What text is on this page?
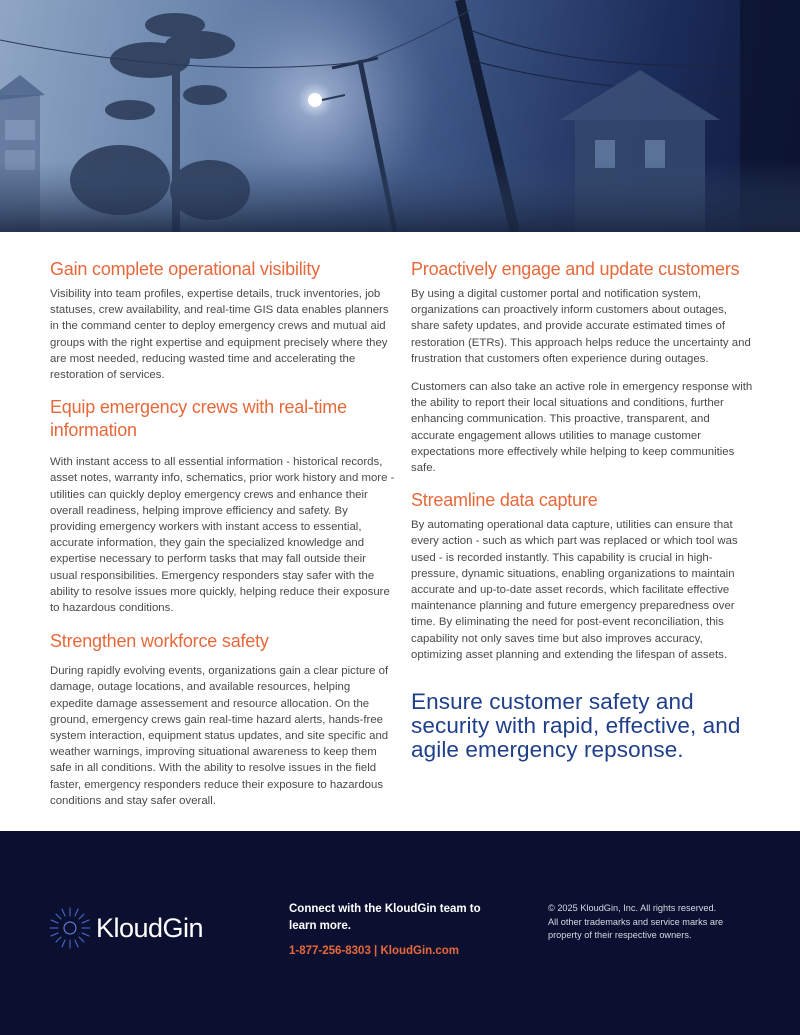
Gain complete operational visibility

Visibility into team profiles, expertise details, truck inventories, job statuses, crew availability, and real-time GIS data enables planners in the command center to deploy emergency crews and mutual aid groups with the right expertise and equipment precisely where they are most needed, reducing wasted time and accelerating the restoration of services.

Equip emergency crews with real-time information

With instant access to all essential information - historical records, asset notes, warranty info, schematics, prior work history and more - utilities can quickly deploy emergency crews and enhance their overall readiness, helping improve efficiency and safety. By providing emergency workers with instant access to essential, accurate information, they gain the specialized knowledge and expertise necessary to perform tasks that may fall outside their usual responsibilities. Emergency responders stay safer with the ability to resolve issues more quickly, helping reduce their exposure to hazardous conditions.

Strengthen workforce safety

During rapidly evolving events, organizations gain a clear picture of damage, outage locations, and available resources, helping expedite damage assessement and resource allocation. On the ground, emergency crews gain real-time hazard alerts, hands-free system interaction, equipment status updates, and site specific and weather warnings, improving situational awareness to keep them safe in all conditions. With the ability to resolve issues in the field faster, emergency responders reduce their exposure to hazardous conditions and stay safer overall.

Proactively engage and update customers

By using a digital customer portal and notification system, organizations can proactively inform customers about outages, share safety updates, and provide accurate estimated times of restoration (ETRs). This approach helps reduce the uncertainty and frustration that customers often experience during outages.

Customers can also take an active role in emergency response with the ability to report their local situations and conditions, further enhancing communication. This proactive, transparent, and accurate engagement allows utilities to manage customer expectations more effectively while helping to keep communities safe.

Streamline data capture

By automating operational data capture, utilities can ensure that every action - such as which part was replaced or which tool was used - is recorded instantly. This capability is crucial in high-pressure, dynamic situations, enabling organizations to maintain accurate and up-to-date asset records, which facilitate effective maintenance planning and future emergency preparedness over time. By eliminating the need for post-event reconciliation, this capability not only saves time but also improves accuracy, optimizing asset planning and extending the lifespan of assets.

Ensure customer safety and security with rapid, effective, and agile emergency repsonse.
KloudGin
Connect with the KloudGin team to learn more.
1-877-256-8303 | KloudGin.com
© 2025 KloudGin, Inc. All rights reserved.
All other trademarks and service marks are property of their respective owners.
